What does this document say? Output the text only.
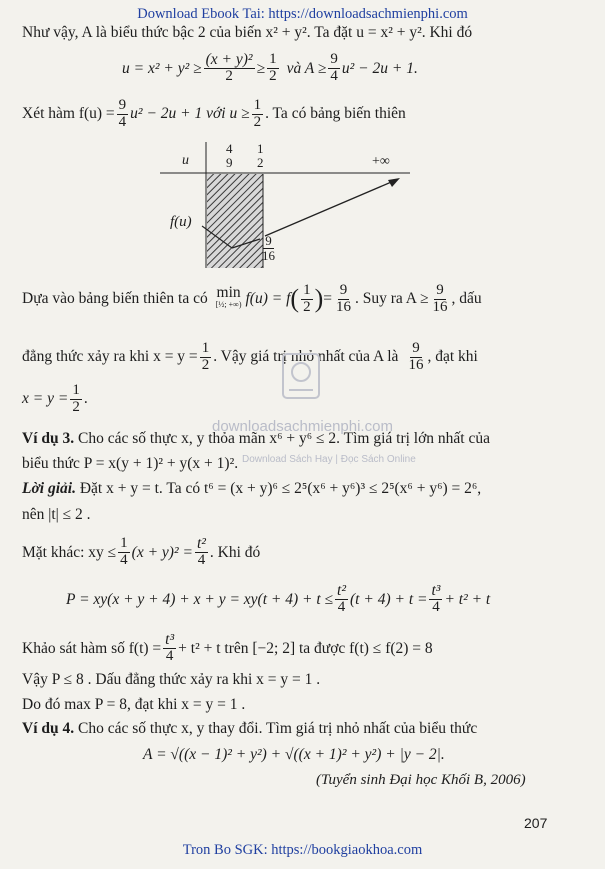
Download Ebook Tai: https://downloadsachmienphi.com
Như vậy, A là biểu thức bậc 2 của biến x² + y². Ta đặt u = x² + y². Khi đó
$u = x^2 + y^2 \ge \frac{\text{(x + y)²}}{2} \ge \frac{1}{2}$ và $A \ge \frac{9}{4} u^2 - 2u + 1$.
Xét hàm $f(u) = \frac{9}{4} u^2 - 2u + 1$ với $u \ge \frac{1}{2}$ . Ta có bảng biến thiên
u
4
9
1
2	+∞
f(u)
$\frac{9}{16}$
Dựa vào bảng biến thiên ta có min
[½; +∞) f(u) = f ( $\frac{1}{2}$ ) = $\frac{9}{16}$ . Suy ra $A \ge \frac{9}{16}$ , dấu
đẳng thức xảy ra khi $x = y = \frac{1}{2}$ . Vậy giá trị nhỏ nhất của A là $\frac{9}{16}$ , đạt khi
$x = y = \frac{1}{2}$ .
downloadsachmienphi.com
Download Sách Hay | Đọc Sách Online
Ví dụ 3. Cho các số thực x, y thỏa mãn x⁶ + y⁶ ≤ 2. Tìm giá trị lớn nhất của
biểu thức P = x(y + 1)² + y(x + 1)².
Lời giải. Đặt x + y = t. Ta có t⁶ = (x + y)⁶ ≤ 2⁵(x⁶ + y⁶)³ ≤ 2⁵(x⁶ + y⁶) = 2⁶,
nên |t| ≤ 2 .
Mặt khác: xy ≤ $\frac{1}{4} (x + y)^2 = \frac{\text{t²}}{4}$ . Khi đó
$P = xy(x + y + 4) + x + y = xy(t + 4) + t \le \frac{\text{t²}}{4} (t + 4) + t = \frac{\text{t³}}{4} + t^2 + t$
Khảo sát hàm số $f(t) = \frac{\text{t³}}{4} + t^2 + t$ trên [−2; 2] ta được f(t) ≤ f(2) = 8
Vậy P ≤ 8 . Dấu đẳng thức xảy ra khi x = y = 1 .
Do đó max P = 8, đạt khi x = y = 1 .
Ví dụ 4. Cho các số thực x, y thay đổi. Tìm giá trị nhỏ nhất của biểu thức
A = √((x − 1)² + y²) + √((x + 1)² + y²) + |y − 2|.
(Tuyển sinh Đại học Khối B, 2006)
207
Tron Bo SGK: https://bookgiaokhoa.com
